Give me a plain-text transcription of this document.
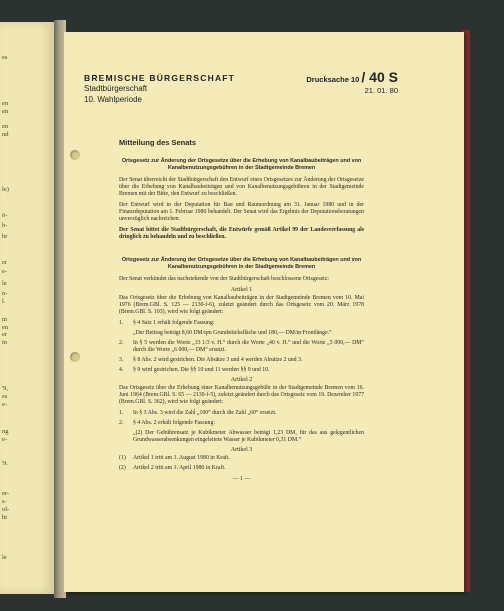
es
en
en
en
nd
le)
ö-
h-
hr
er
e-
le
n-
l.
m
en
er
in
'9,
es
e-
ng
e-
'9.
er-
s-
ol-
ht
le
BREMISCHE BÜRGERSCHAFT
Stadtbürgerschaft
10. Wahlperiode
Drucksache 10 / 40 S
21. 01. 80
Mitteilung des Senats
Ortsgesetz zur Änderung der Ortsgesetze über die Erhebung von Kanalbaubeiträgen und von Kanalbenutzungsgebühren in der Stadtgemeinde Bremen
Der Senat überreicht der Stadtbürgerschaft den Entwurf eines Ortsgesetzes zur Änderung der Ortsgesetze über die Erhebung von Kanalbaubeiträgen und von Kanalbenutzungsgebühren in der Stadtgemeinde Bremen mit der Bitte, den Entwurf zu beschließen.
Der Entwurf wird in der Deputation für Bau und Raumordnung am 31. Januar 1980 und in der Finanzdeputation am 1. Februar 1980 behandelt. Der Senat wird das Ergebnis der Deputationsberatungen unverzüglich nachreichen.
Der Senat bittet die Stadtbürgerschaft, die Entwürfe gemäß Artikel 99 der Landesverfassung als dringlich zu behandeln und zu beschließen.
Ortsgesetz zur Änderung der Ortsgesetze über die Erhebung von Kanalbaubeiträgen und von Kanalbenutzungsgebühren in der Stadtgemeinde Bremen
Der Senat verkündet das nachstehende von der Stadtbürgerschaft beschlossene Ortsgesetz:
Artikel 1
Das Ortsgesetz über die Erhebung von Kanalbaubeiträgen in der Stadtgemeinde Bremen vom 10. Mai 1976 (Brem.GBl. S. 125 — 2130-f-6), zuletzt geändert durch das Ortsgesetz vom 20. März 1978 (Brem.GBl. S. 103), wird wie folgt geändert:
1.	§ 4 Satz 1 erhält folgende Fassung:
„Der Beitrag beträgt 8,60 DM/qm Grundstücksfläche und 180,— DM/m Frontlänge.“
2.	In § 5 werden die Worte „33 1/3 v. H.“ durch die Worte „40 v. H.“ und die Worte „5 000,— DM“ durch die Worte „6 000,— DM“ ersetzt.
3.	§ 8 Abs. 2 wird gestrichen. Die Absätze 3 und 4 werden Absätze 2 und 3.
4.	§ 9 wird gestrichen. Die §§ 10 und 11 werden §§ 9 und 10.
Artikel 2
Das Ortsgesetz über die Erhebung einer Kanalbenutzungsgebühr in der Stadtgemeinde Bremen vom 16. Juni 1964 (Brem.GBl. S. 65 — 2130-f-5), zuletzt geändert durch das Ortsgesetz vom 19. Dezember 1977 (Brem.GBl. S. 362), wird wie folgt geändert:
1.	In § 3 Abs. 3 wird die Zahl „100“ durch die Zahl „60“ ersetzt.
2.	§ 4 Abs. 2 erhält folgende Fassung:
„(2) Der Gebührensatz je Kubikmeter Abwasser beträgt 1,23 DM, für das aus gelegentlichen Grundwasserabsenkungen eingeleitete Wasser je Kubikmeter 0,31 DM.“
Artikel 3
(1)	Artikel 1 tritt am 1. August 1980 in Kraft.
(2)	Artikel 2 tritt am 1. April 1980 in Kraft.
— 1 —
